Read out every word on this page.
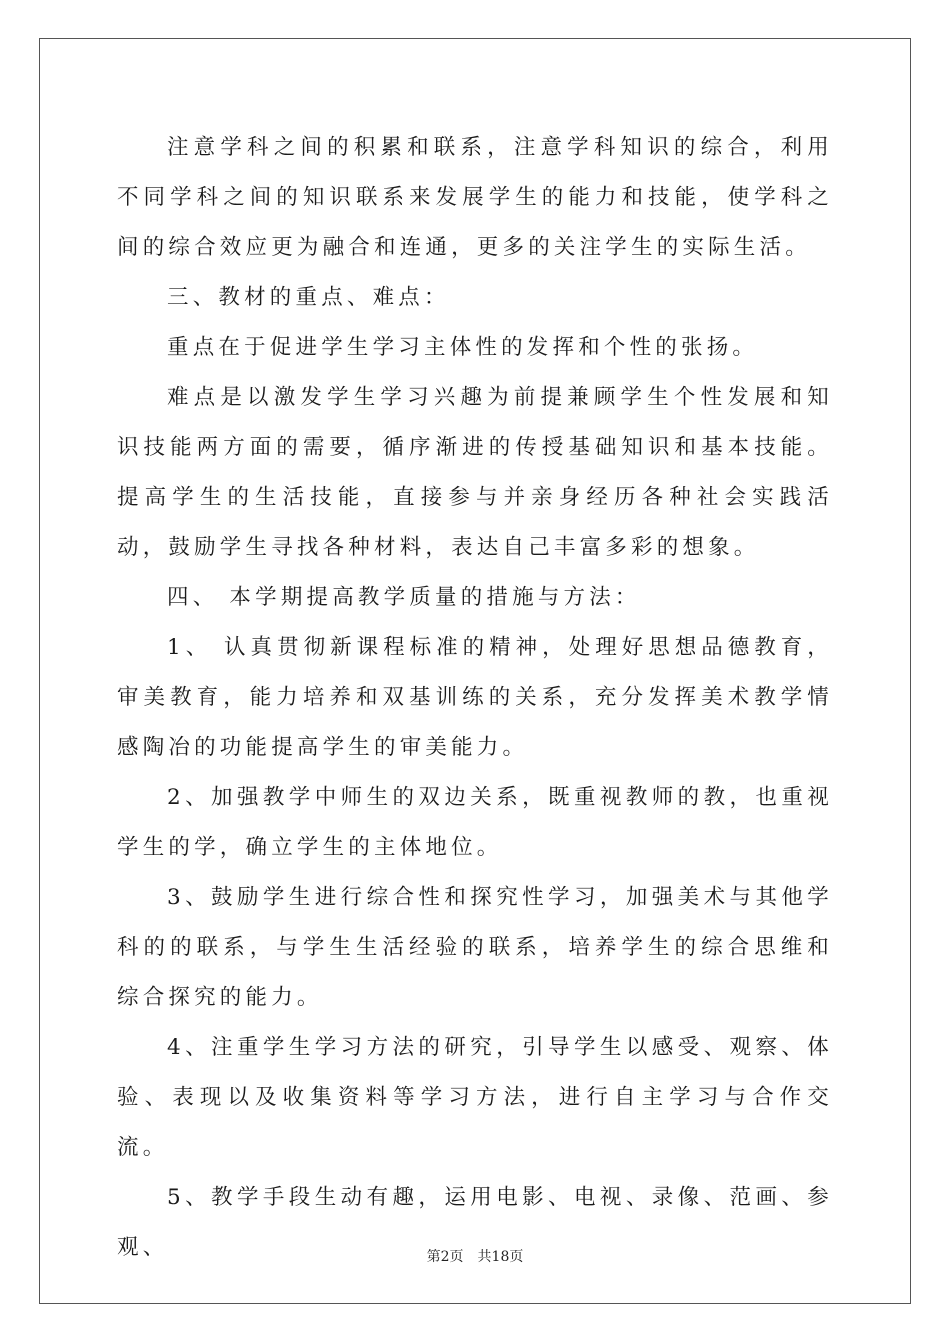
注意学科之间的积累和联系，注意学科知识的综合，利用不同学科之间的知识联系来发展学生的能力和技能，使学科之间的综合效应更为融合和连通，更多的关注学生的实际生活。

三、教材的重点、难点：

重点在于促进学生学习主体性的发挥和个性的张扬。

难点是以激发学生学习兴趣为前提兼顾学生个性发展和知识技能两方面的需要，循序渐进的传授基础知识和基本技能。提高学生的生活技能，直接参与并亲身经历各种社会实践活动，鼓励学生寻找各种材料，表达自己丰富多彩的想象。

四、 本学期提高教学质量的措施与方法：

1、 认真贯彻新课程标准的精神，处理好思想品德教育，审美教育，能力培养和双基训练的关系，充分发挥美术教学情感陶冶的功能提高学生的审美能力。

2、加强教学中师生的双边关系，既重视教师的教，也重视学生的学，确立学生的主体地位。

3、鼓励学生进行综合性和探究性学习，加强美术与其他学科的的联系，与学生生活经验的联系，培养学生的综合思维和综合探究的能力。

4、注重学生学习方法的研究，引导学生以感受、观察、体验、表现以及收集资料等学习方法，进行自主学习与合作交流。

5、教学手段生动有趣，运用电影、电视、录像、范画、参观、	第2页　共18页
